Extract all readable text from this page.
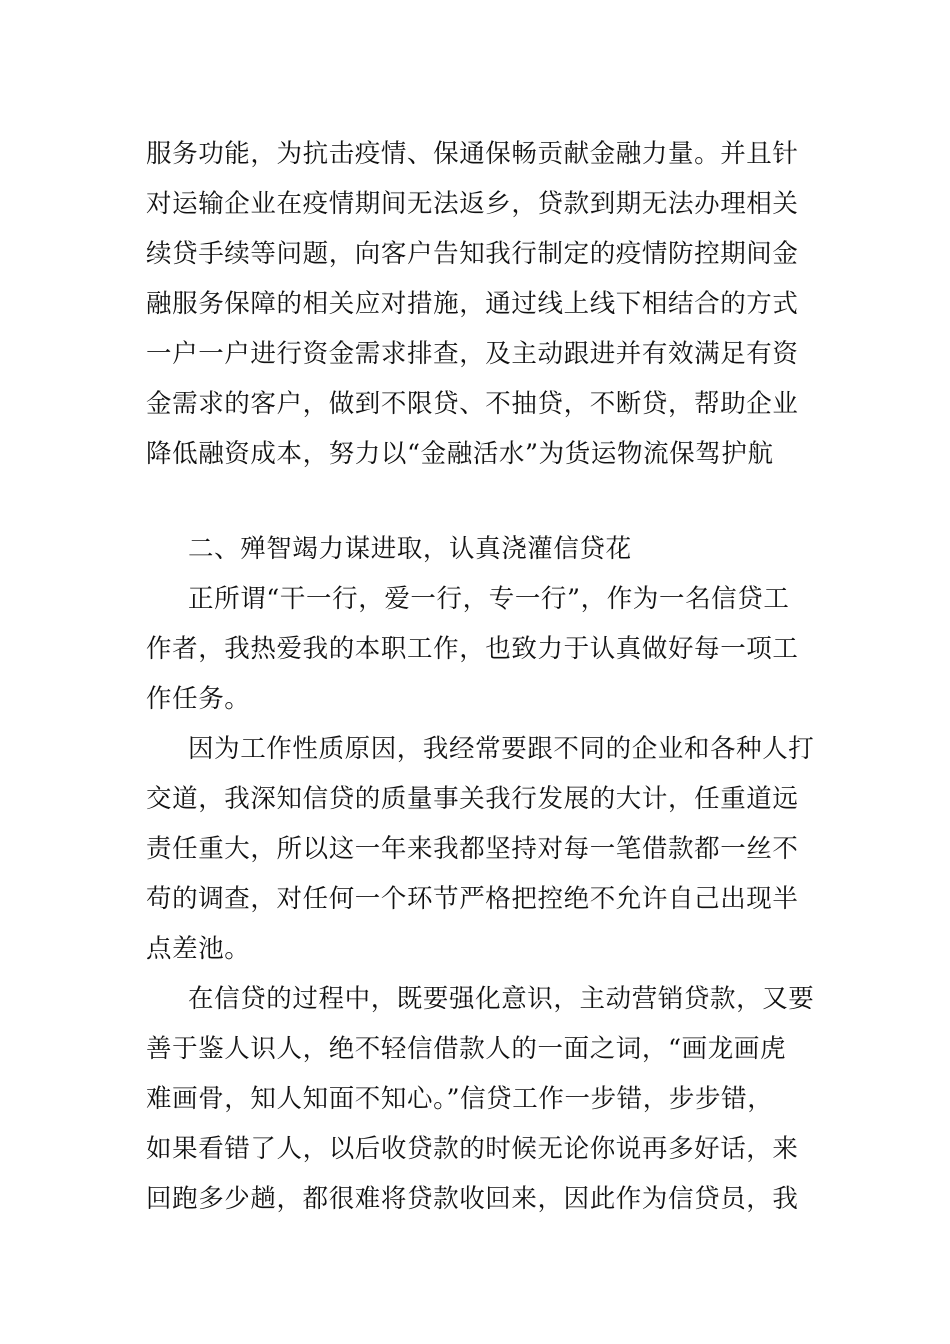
服务功能，为抗击疫情、保通保畅贡献金融力量。并且针
对运输企业在疫情期间无法返乡，贷款到期无法办理相关
续贷手续等问题，向客户告知我行制定的疫情防控期间金
融服务保障的相关应对措施，通过线上线下相结合的方式
一户一户进行资金需求排查，及主动跟进并有效满足有资
金需求的客户，做到不限贷、不抽贷，不断贷，帮助企业
降低融资成本，努力以“金融活水”为货运物流保驾护航
二、殚智竭力谋进取，认真浇灌信贷花
正所谓“干一行，爱一行，专一行”，作为一名信贷工
作者，我热爱我的本职工作，也致力于认真做好每一项工
作任务。
因为工作性质原因，我经常要跟不同的企业和各种人打
交道，我深知信贷的质量事关我行发展的大计，任重道远
责任重大，所以这一年来我都坚持对每一笔借款都一丝不
苟的调查，对任何一个环节严格把控绝不允许自己出现半
点差池。
在信贷的过程中，既要强化意识，主动营销贷款，又要
善于鉴人识人，绝不轻信借款人的一面之词，“画龙画虎
难画骨，知人知面不知心。”信贷工作一步错，步步错，
如果看错了人，以后收贷款的时候无论你说再多好话，来
回跑多少趟，都很难将贷款收回来，因此作为信贷员，我
